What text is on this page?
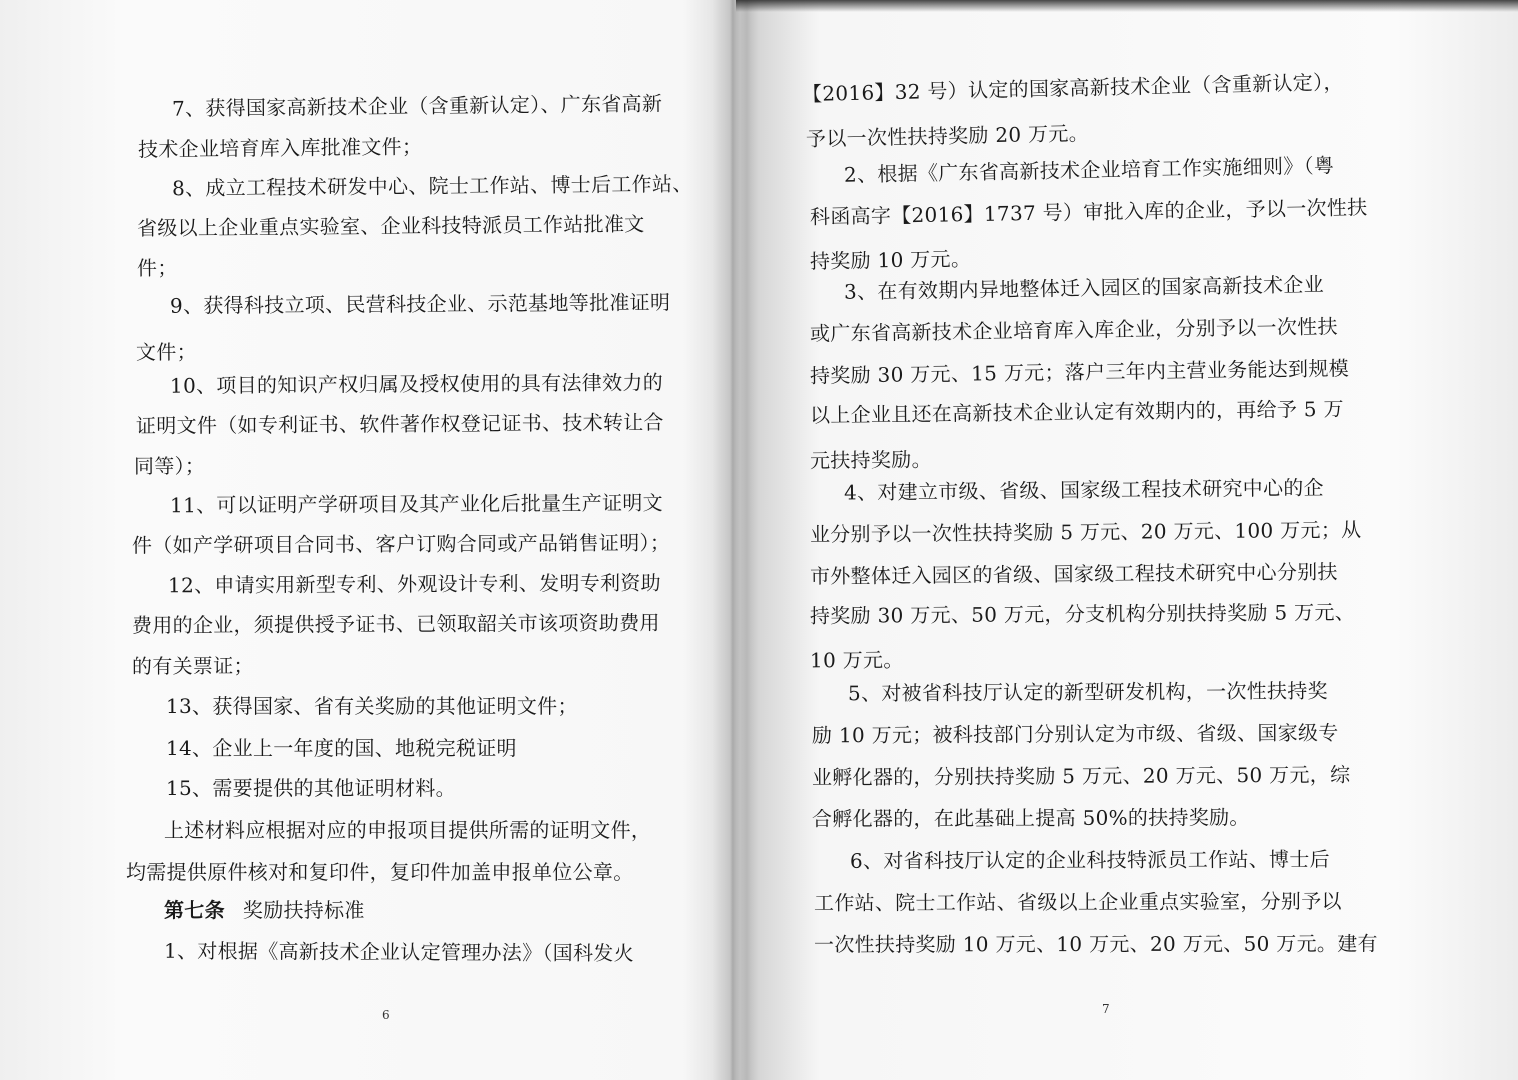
7、获得国家高新技术企业（含重新认定）、广东省高新
技术企业培育库入库批准文件；
8、成立工程技术研发中心、院士工作站、博士后工作站、
省级以上企业重点实验室、企业科技特派员工作站批准文
件；
9、获得科技立项、民营科技企业、示范基地等批准证明
文件；
10、项目的知识产权归属及授权使用的具有法律效力的
证明文件（如专利证书、软件著作权登记证书、技术转让合
同等）；
11、可以证明产学研项目及其产业化后批量生产证明文
件（如产学研项目合同书、客户订购合同或产品销售证明）；
12、申请实用新型专利、外观设计专利、发明专利资助
费用的企业，须提供授予证书、已领取韶关市该项资助费用
的有关票证；
13、获得国家、省有关奖励的其他证明文件；
14、企业上一年度的国、地税完税证明
15、需要提供的其他证明材料。
上述材料应根据对应的申报项目提供所需的证明文件，
均需提供原件核对和复印件，复印件加盖申报单位公章。
第七条 奖励扶持标准
1、对根据《高新技术企业认定管理办法》（国科发火
6
【2016】32 号）认定的国家高新技术企业（含重新认定），
予以一次性扶持奖励 20 万元。
2、根据《广东省高新技术企业培育工作实施细则》（粤
科函高字【2016】1737 号）审批入库的企业，予以一次性扶
持奖励 10 万元。
3、在有效期内异地整体迁入园区的国家高新技术企业
或广东省高新技术企业培育库入库企业，分别予以一次性扶
持奖励 30 万元、15 万元；落户三年内主营业务能达到规模
以上企业且还在高新技术企业认定有效期内的，再给予 5 万
元扶持奖励。
4、对建立市级、省级、国家级工程技术研究中心的企
业分别予以一次性扶持奖励 5 万元、20 万元、100 万元；从
市外整体迁入园区的省级、国家级工程技术研究中心分别扶
持奖励 30 万元、50 万元，分支机构分别扶持奖励 5 万元、
10 万元。
5、对被省科技厅认定的新型研发机构，一次性扶持奖
励 10 万元；被科技部门分别认定为市级、省级、国家级专
业孵化器的，分别扶持奖励 5 万元、20 万元、50 万元，综
合孵化器的，在此基础上提高 50%的扶持奖励。
6、对省科技厅认定的企业科技特派员工作站、博士后
工作站、院士工作站、省级以上企业重点实验室，分别予以
一次性扶持奖励 10 万元、10 万元、20 万元、50 万元。建有
7
